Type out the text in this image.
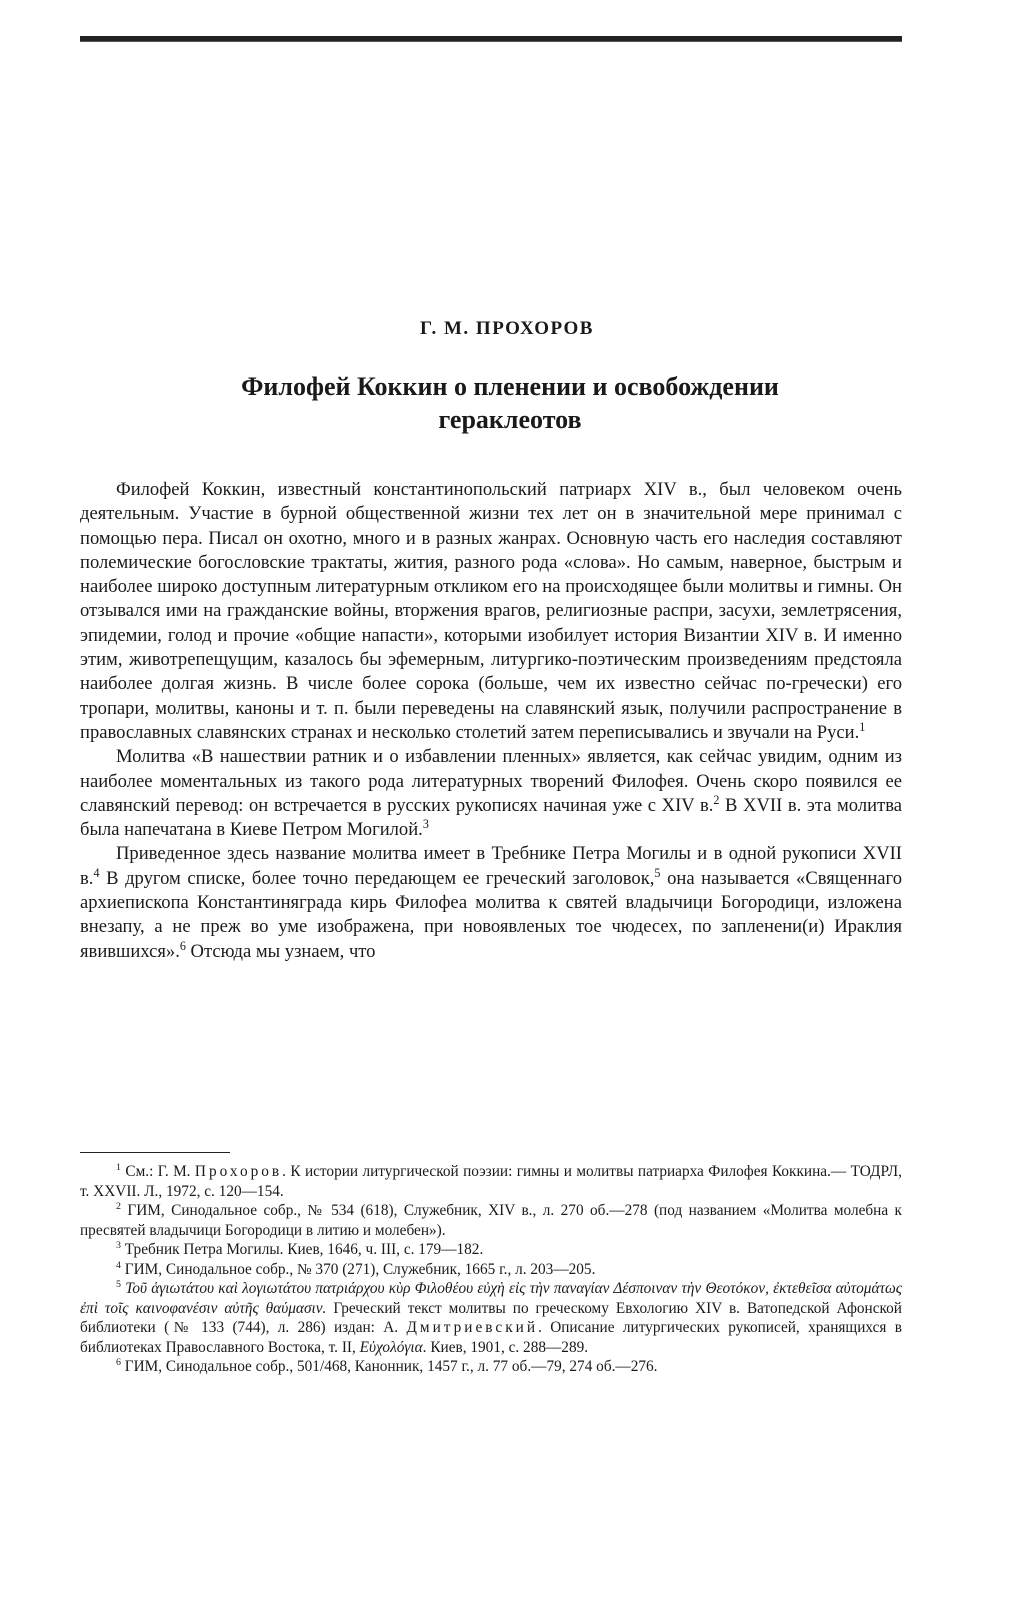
Г. М. ПРОХОРОВ
Филофей Коккин о пленении и освобождении
гераклеотов

Филофей Коккин, известный константинопольский патриарх XIV в., был человеком очень деятельным. Участие в бурной общественной жизни тех лет он в значительной мере принимал с помощью пера. Писал он охотно, много и в разных жанрах. Основную часть его наследия составляют полемические богословские трактаты, жития, разного рода «слова». Но самым, наверное, быстрым и наиболее широко доступным литературным откликом его на происходящее были молитвы и гимны. Он отзывался ими на гражданские войны, вторжения врагов, религиозные распри, засухи, землетрясения, эпидемии, голод и прочие «общие напасти», которыми изобилует история Византии XIV в. И именно этим, животрепещущим, казалось бы эфемерным, литургико-поэтическим произведениям предстояла наиболее долгая жизнь. В числе более сорока (больше, чем их известно сейчас по-гречески) его тропари, молитвы, каноны и т. п. были переведены на славянский язык, получили распространение в православных славянских странах и несколько столетий затем переписывались и звучали на Руси.$^1$

Молитва «В нашествии ратник и о избавлении пленных» является, как сейчас увидим, одним из наиболее моментальных из такого рода литературных творений Филофея. Очень скоро появился ее славянский перевод: он встречается в русских рукописях начиная уже с XIV в.$^2$ В XVII в. эта молитва была напечатана в Киеве Петром Могилой.$^3$

Приведенное здесь название молитва имеет в Требнике Петра Могилы и в одной рукописи XVII в.$^4$ В другом списке, более точно передающем ее греческий заголовок,$^5$ она называется «Священнаго архиепископа Константиняграда кирь Филофеа молитва к святей владычици Богородици, изложена внезапу, а не преж во уме изображена, при новоявленых тое чюдесех, по запленени(и) Ираклия явившихся».$^6$ Отсюда мы узнаем, что

$^1$ См.: Г. М. Прохоров. К истории литургической поэзии: гимны и молитвы патриарха Филофея Коккина.— ТОДРЛ, т. XXVII. Л., 1972, с. 120—154.

$^2$ ГИМ, Синодальное собр., № 534 (618), Служебник, XIV в., л. 270 об.—278 (под названием «Молитва молебна к пресвятей владычици Богородици в литию и молебен»).

$^3$ Требник Петра Могилы. Киев, 1646, ч. III, с. 179—182.

$^4$ ГИМ, Синодальное собр., № 370 (271), Служебник, 1665 г., л. 203—205.

$^5$ Τοῦ ἁγιωτάτου καὶ λογιωτάτου πατριάρχου κὺρ Φιλοθέου εὐχὴ εἰς τὴν παναγίαν Δέσποιναν τὴν Θεοτόκον, ἐκτεθεῖσα αὐτομάτως ἐπὶ τοῖς καινοφανέσιν αὐτῆς θαύμασιν. Греческий текст молитвы по греческому Евхологию XIV в. Ватопедской Афонской библиотеки (№ 133 (744), л. 286) издан: А. Дмитриевский. Описание литургических рукописей, хранящихся в библиотеках Православного Востока, т. II, Εὐχολόγια. Киев, 1901, с. 288—289.

$^6$ ГИМ, Синодальное собр., 501/468, Канонник, 1457 г., л. 77 об.—79, 274 об.—276.
